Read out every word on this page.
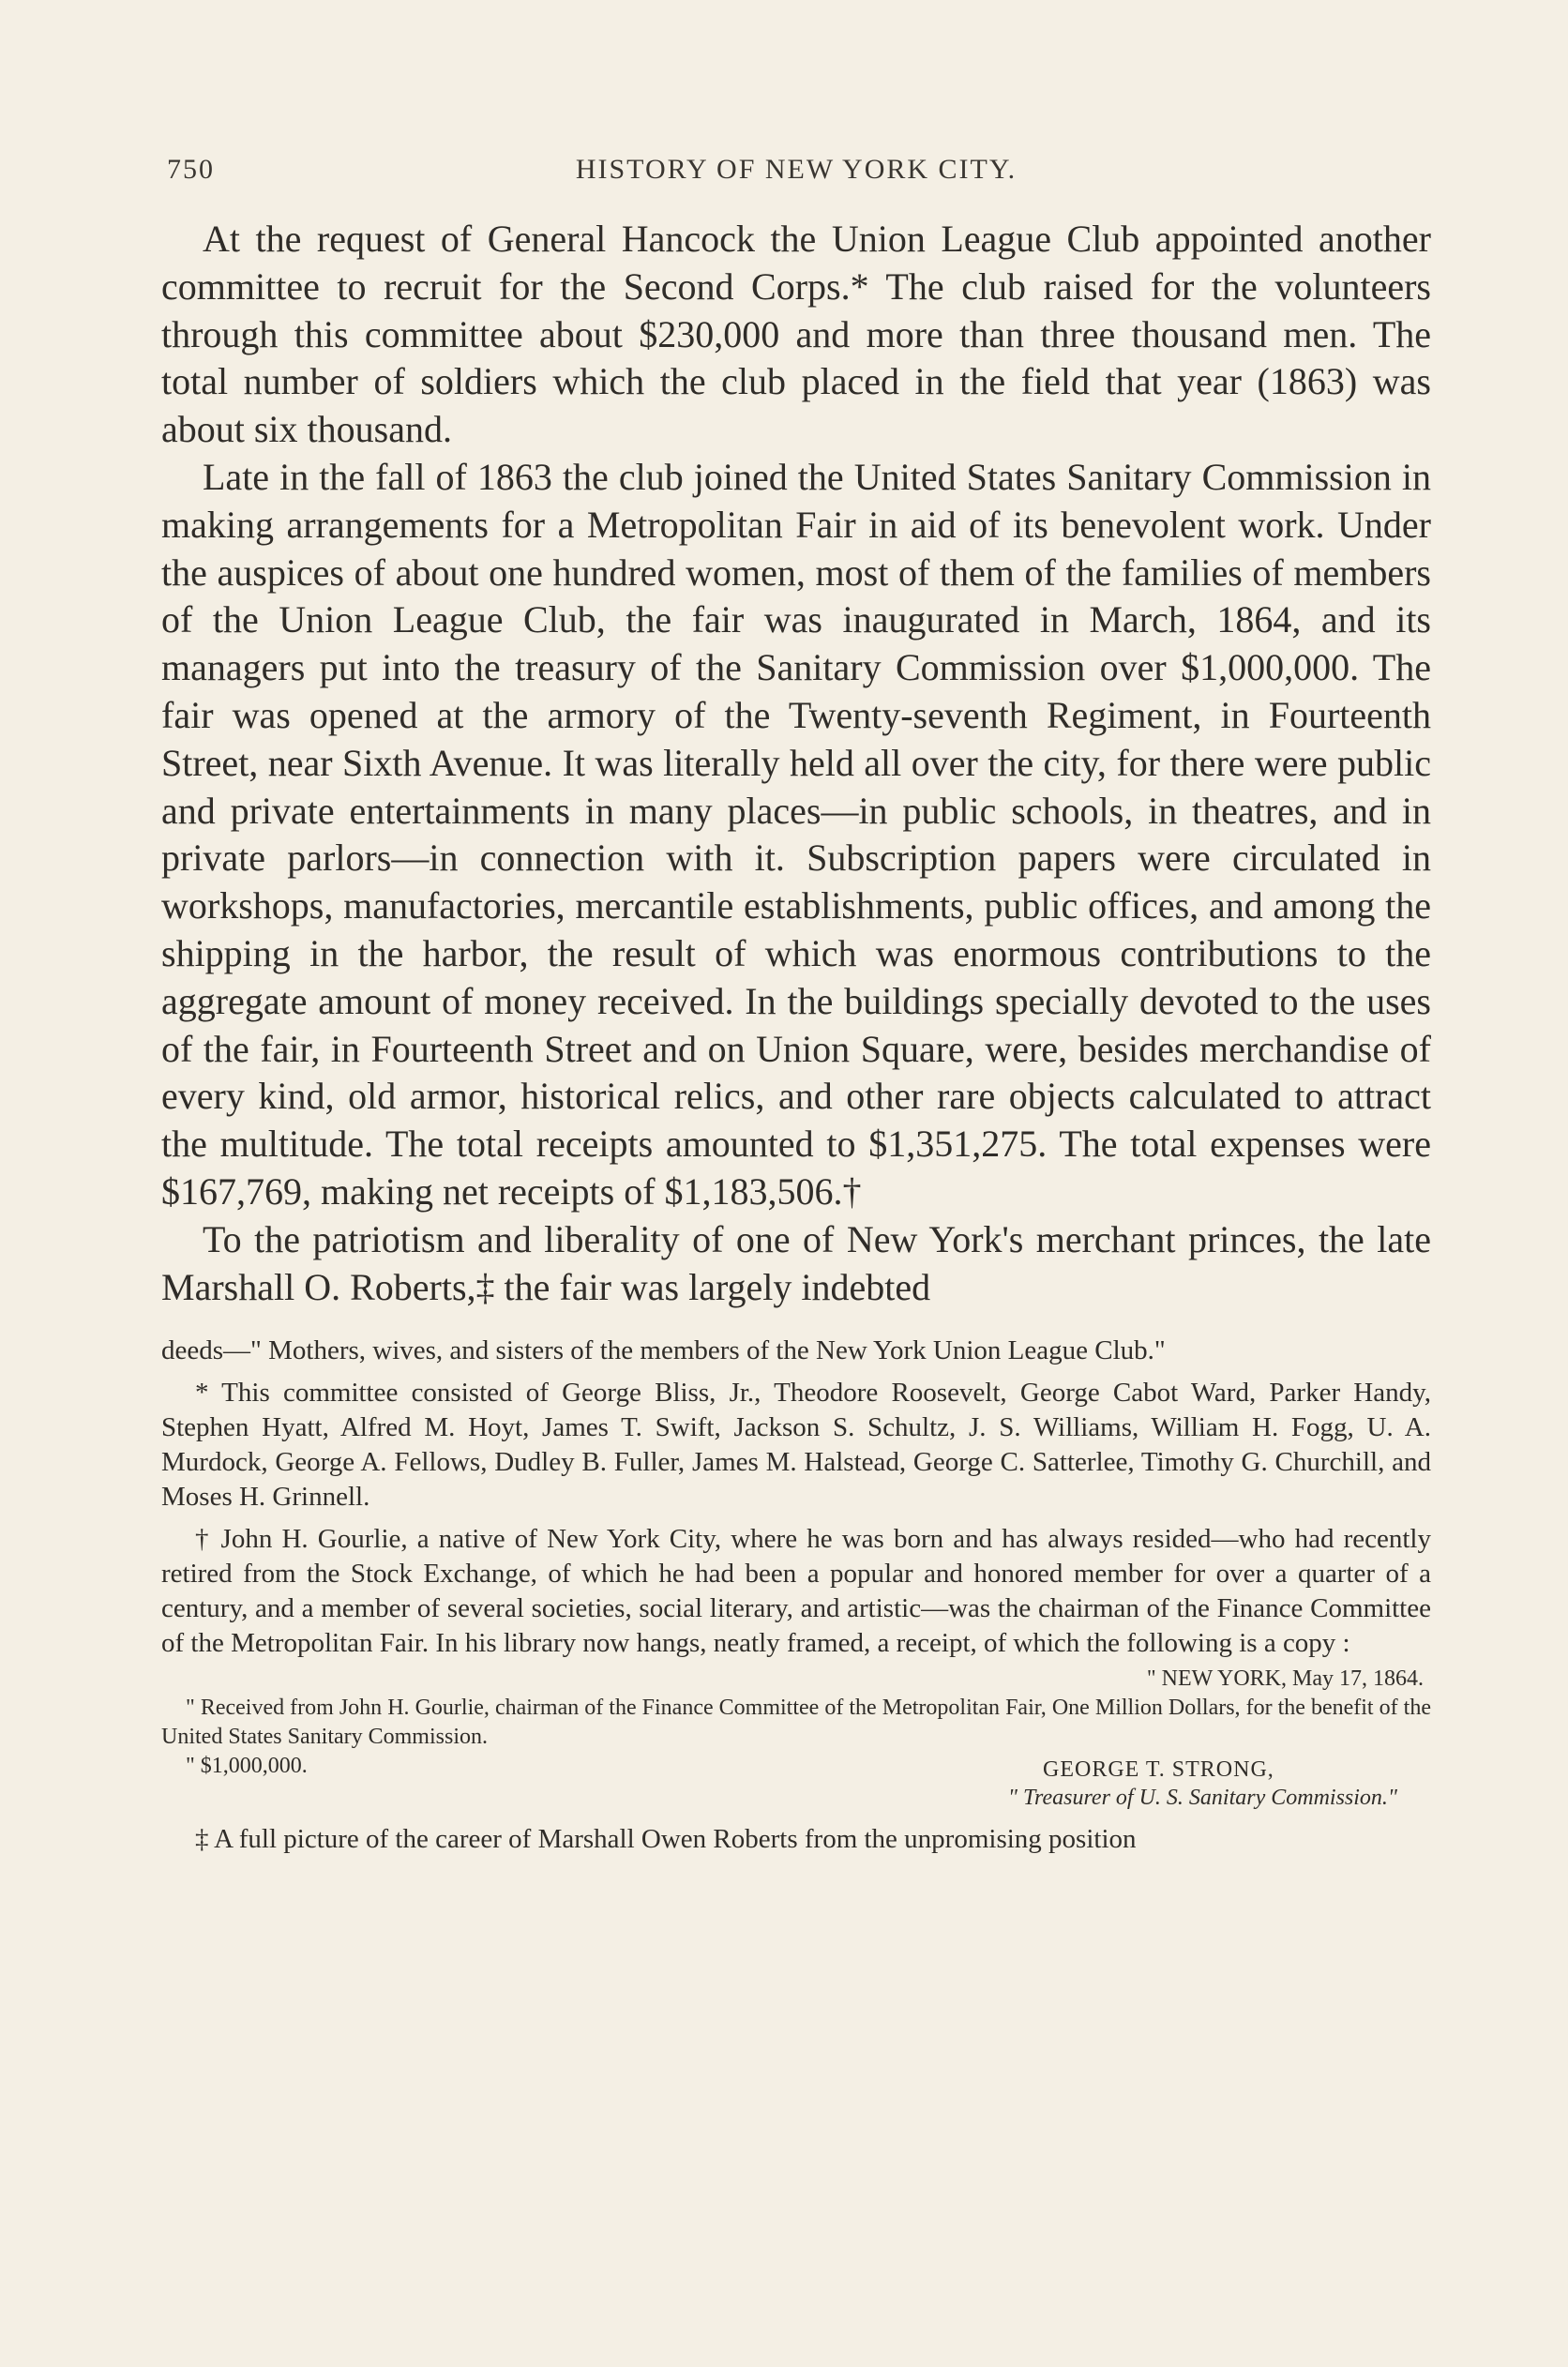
750	HISTORY OF NEW YORK CITY.

At the request of General Hancock the Union League Club appointed another committee to recruit for the Second Corps.* The club raised for the volunteers through this committee about $230,000 and more than three thousand men. The total number of soldiers which the club placed in the field that year (1863) was about six thousand.

Late in the fall of 1863 the club joined the United States Sanitary Commission in making arrangements for a Metropolitan Fair in aid of its benevolent work. Under the auspices of about one hundred women, most of them of the families of members of the Union League Club, the fair was inaugurated in March, 1864, and its managers put into the treasury of the Sanitary Commission over $1,000,000. The fair was opened at the armory of the Twenty-seventh Regiment, in Fourteenth Street, near Sixth Avenue. It was literally held all over the city, for there were public and private entertainments in many places—in public schools, in theatres, and in private parlors—in connection with it. Subscription papers were circulated in workshops, manufactories, mercantile establishments, public offices, and among the shipping in the harbor, the result of which was enormous contributions to the aggregate amount of money received. In the buildings specially devoted to the uses of the fair, in Fourteenth Street and on Union Square, were, besides merchandise of every kind, old armor, historical relics, and other rare objects calculated to attract the multitude. The total receipts amounted to $1,351,275. The total expenses were $167,769, making net receipts of $1,183,506.†

To the patriotism and liberality of one of New York's merchant princes, the late Marshall O. Roberts,‡ the fair was largely indebted

deeds—" Mothers, wives, and sisters of the members of the New York Union League Club."

* This committee consisted of George Bliss, Jr., Theodore Roosevelt, George Cabot Ward, Parker Handy, Stephen Hyatt, Alfred M. Hoyt, James T. Swift, Jackson S. Schultz, J. S. Williams, William H. Fogg, U. A. Murdock, George A. Fellows, Dudley B. Fuller, James M. Halstead, George C. Satterlee, Timothy G. Churchill, and Moses H. Grinnell.

† John H. Gourlie, a native of New York City, where he was born and has always resided—who had recently retired from the Stock Exchange, of which he had been a popular and honored member for over a quarter of a century, and a member of several societies, social literary, and artistic—was the chairman of the Finance Committee of the Metropolitan Fair. In his library now hangs, neatly framed, a receipt, of which the following is a copy :

" NEW YORK, May 17, 1864.
" Received from John H. Gourlie, chairman of the Finance Committee of the Metropolitan Fair, One Million Dollars, for the benefit of the United States Sanitary Commission.
" $1,000,000.	GEORGE T. STRONG,
" Treasurer of U. S. Sanitary Commission."

‡ A full picture of the career of Marshall Owen Roberts from the unpromising position
